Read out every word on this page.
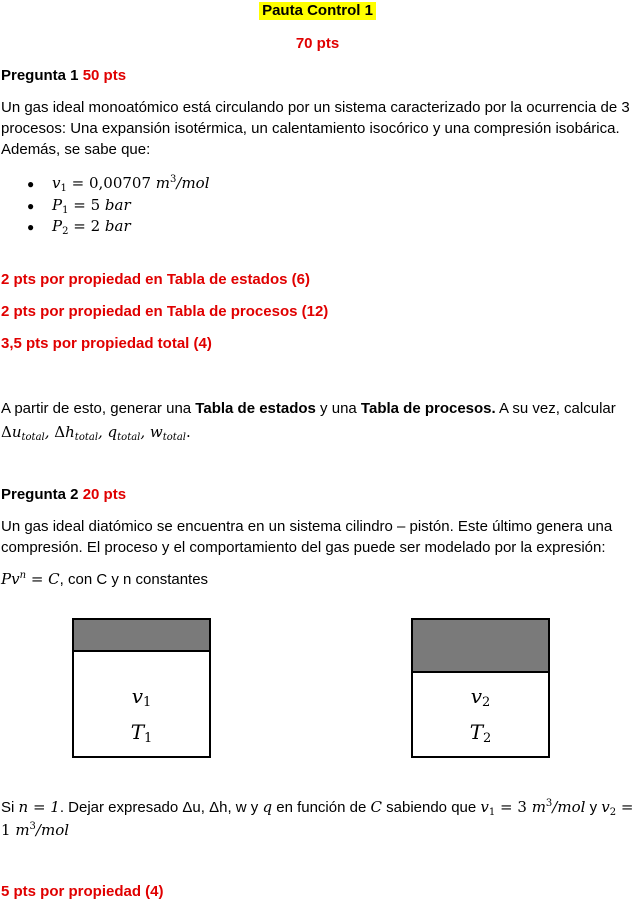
Pauta Control 1
70 pts
Pregunta 1 50 pts
Un gas ideal monoatómico está circulando por un sistema caracterizado por la ocurrencia de 3 procesos: Una expansión isotérmica, un calentamiento isocórico y una compresión isobárica. Además, se sabe que:
● $v_1 = 0,00707$ $m^3$/mol
● $P_1 = 5$ bar
● $P_2 = 2$ bar
2 pts por propiedad en Tabla de estados (6)
2 pts por propiedad en Tabla de procesos (12)
3,5 pts por propiedad total (4)
A partir de esto, generar una Tabla de estados y una Tabla de procesos. A su vez, calcular
$\Delta u_{total}$, $\Delta h_{total}$, $q_{total}$, $w_{total}$.
Pregunta 2 20 pts
Un gas ideal diatómico se encuentra en un sistema cilindro – pistón. Este último genera una compresión. El proceso y el comportamiento del gas puede ser modelado por la expresión:
$Pv^n = C$, con C y n constantes
$v_1$
$T_1$
$v_2$
$T_2$
Si n = 1. Dejar expresado Δu, Δh, w y q en función de C sabiendo que $v_1 = 3$ $m^3$/mol y $v_2$ =
1 $m^3$/mol
5 pts por propiedad (4)
